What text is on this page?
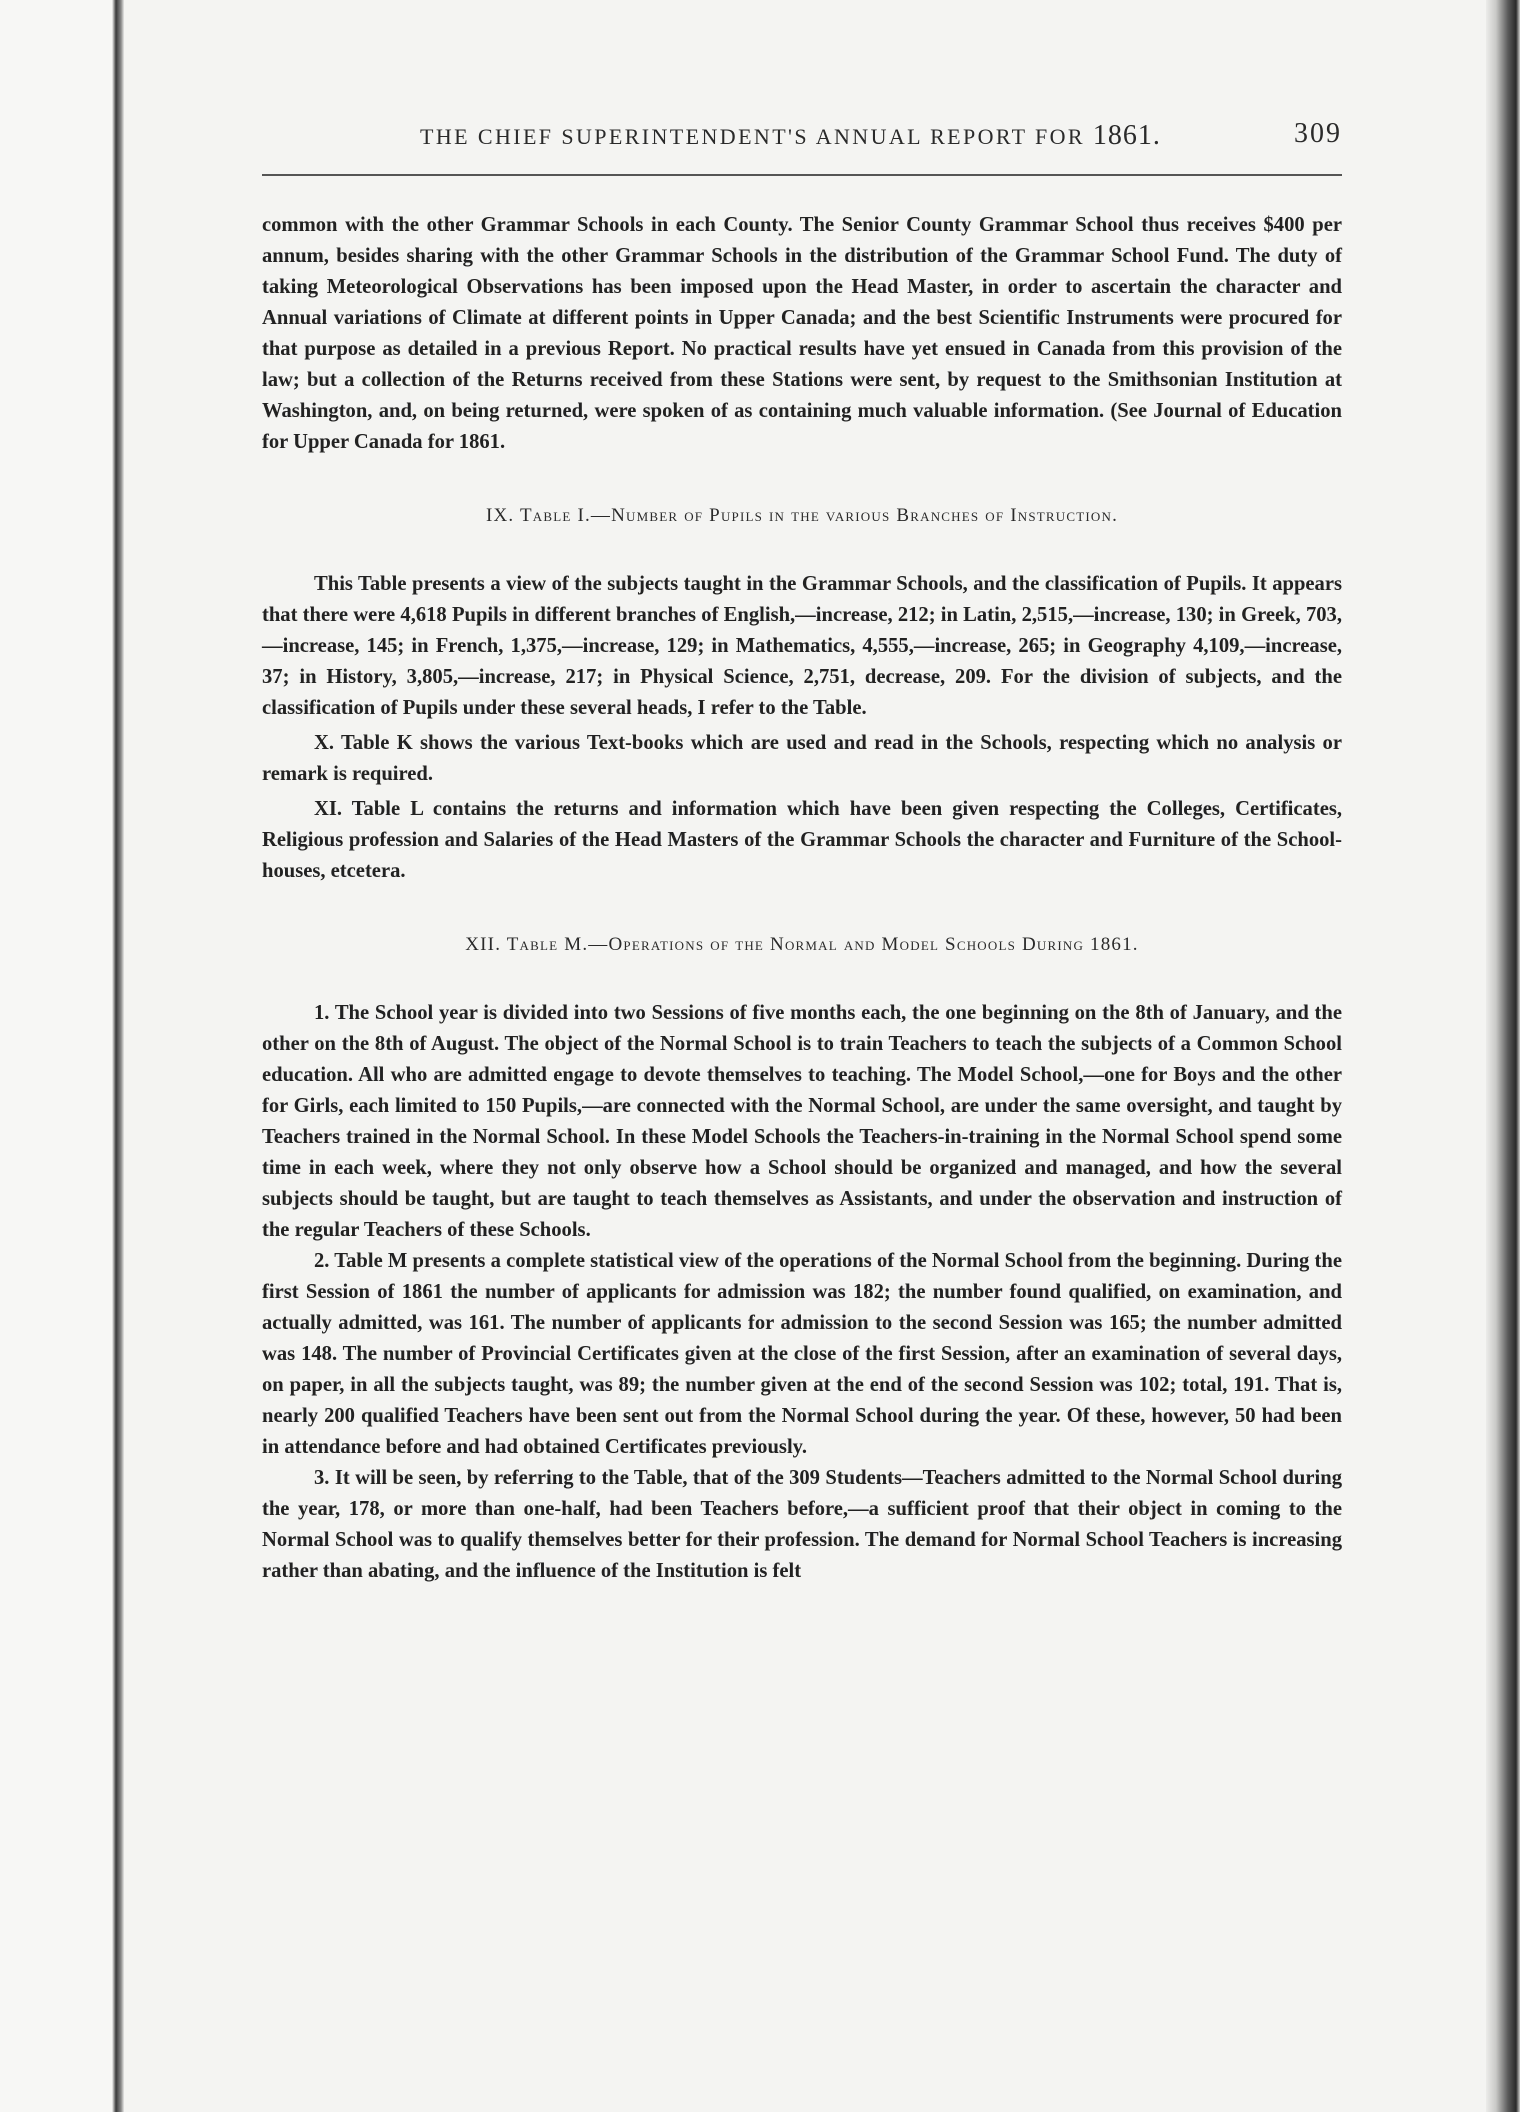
THE CHIEF SUPERINTENDENT'S ANNUAL REPORT FOR 1861.	309

common with the other Grammar Schools in each County. The Senior County Grammar School thus receives $400 per annum, besides sharing with the other Grammar Schools in the distribution of the Grammar School Fund. The duty of taking Meteorological Observations has been imposed upon the Head Master, in order to ascertain the character and Annual variations of Climate at different points in Upper Canada; and the best Scientific Instruments were procured for that purpose as detailed in a previous Report. No practical results have yet ensued in Canada from this provision of the law; but a collection of the Returns received from these Stations were sent, by request to the Smithsonian Institution at Washington, and, on being returned, were spoken of as containing much valuable information. (See Journal of Education for Upper Canada for 1861.

IX. Table I.—Number of Pupils in the various Branches of Instruction.

This Table presents a view of the subjects taught in the Grammar Schools, and the classification of Pupils. It appears that there were 4,618 Pupils in different branches of English,—increase, 212; in Latin, 2,515,—increase, 130; in Greek, 703,—increase, 145; in French, 1,375,—increase, 129; in Mathematics, 4,555,—increase, 265; in Geography 4,109,—increase, 37; in History, 3,805,—increase, 217; in Physical Science, 2,751, decrease, 209. For the division of subjects, and the classification of Pupils under these several heads, I refer to the Table.

X. Table K shows the various Text-books which are used and read in the Schools, respecting which no analysis or remark is required.

XI. Table L contains the returns and information which have been given respecting the Colleges, Certificates, Religious profession and Salaries of the Head Masters of the Grammar Schools the character and Furniture of the School-houses, etcetera.

XII. Table M.—Operations of the Normal and Model Schools During 1861.

1. The School year is divided into two Sessions of five months each, the one beginning on the 8th of January, and the other on the 8th of August. The object of the Normal School is to train Teachers to teach the subjects of a Common School education. All who are admitted engage to devote themselves to teaching. The Model School,—one for Boys and the other for Girls, each limited to 150 Pupils,—are connected with the Normal School, are under the same oversight, and taught by Teachers trained in the Normal School. In these Model Schools the Teachers-in-training in the Normal School spend some time in each week, where they not only observe how a School should be organized and managed, and how the several subjects should be taught, but are taught to teach themselves as Assistants, and under the observation and instruction of the regular Teachers of these Schools.

2. Table M presents a complete statistical view of the operations of the Normal School from the beginning. During the first Session of 1861 the number of applicants for admission was 182; the number found qualified, on examination, and actually admitted, was 161. The number of applicants for admission to the second Session was 165; the number admitted was 148. The number of Provincial Certificates given at the close of the first Session, after an examination of several days, on paper, in all the subjects taught, was 89; the number given at the end of the second Session was 102; total, 191. That is, nearly 200 qualified Teachers have been sent out from the Normal School during the year. Of these, however, 50 had been in attendance before and had obtained Certificates previously.

3. It will be seen, by referring to the Table, that of the 309 Students—Teachers admitted to the Normal School during the year, 178, or more than one-half, had been Teachers before,—a sufficient proof that their object in coming to the Normal School was to qualify themselves better for their profession. The demand for Normal School Teachers is increasing rather than abating, and the influence of the Institution is felt
